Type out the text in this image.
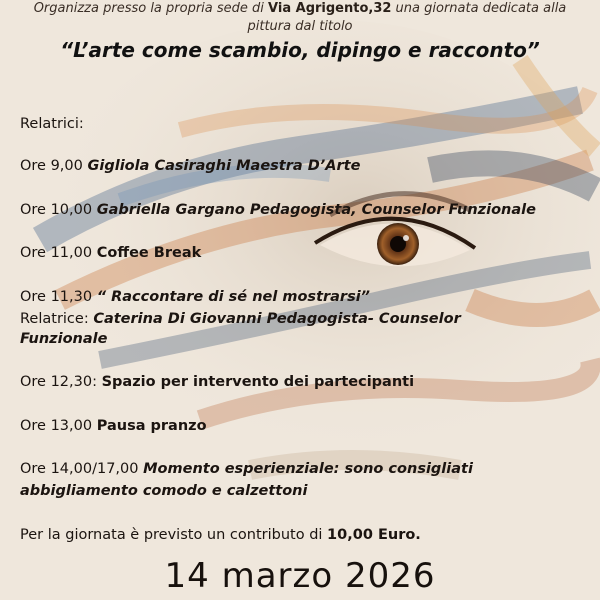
Organizza presso la propria sede di Via Agrigento,32 una giornata dedicata alla
pittura dal titolo
“L’arte come scambio, dipingo e racconto”
Relatrici:
Ore 9,00 Gigliola Casiraghi Maestra D’Arte
Ore 10,00 Gabriella Gargano Pedagogista, Counselor Funzionale
Ore 11,00 Coffee Break
Ore 11,30 “ Raccontare di sé nel mostrarsi”
Relatrice: Caterina Di Giovanni Pedagogista- Counselor
Funzionale
Ore 12,30: Spazio per intervento dei partecipanti
Ore 13,00 Pausa pranzo
Ore 14,00/17,00 Momento esperienziale: sono consigliati
abbigliamento comodo e calzettoni
Per la giornata è previsto un contributo di 10,00 Euro.
14 marzo 2026
